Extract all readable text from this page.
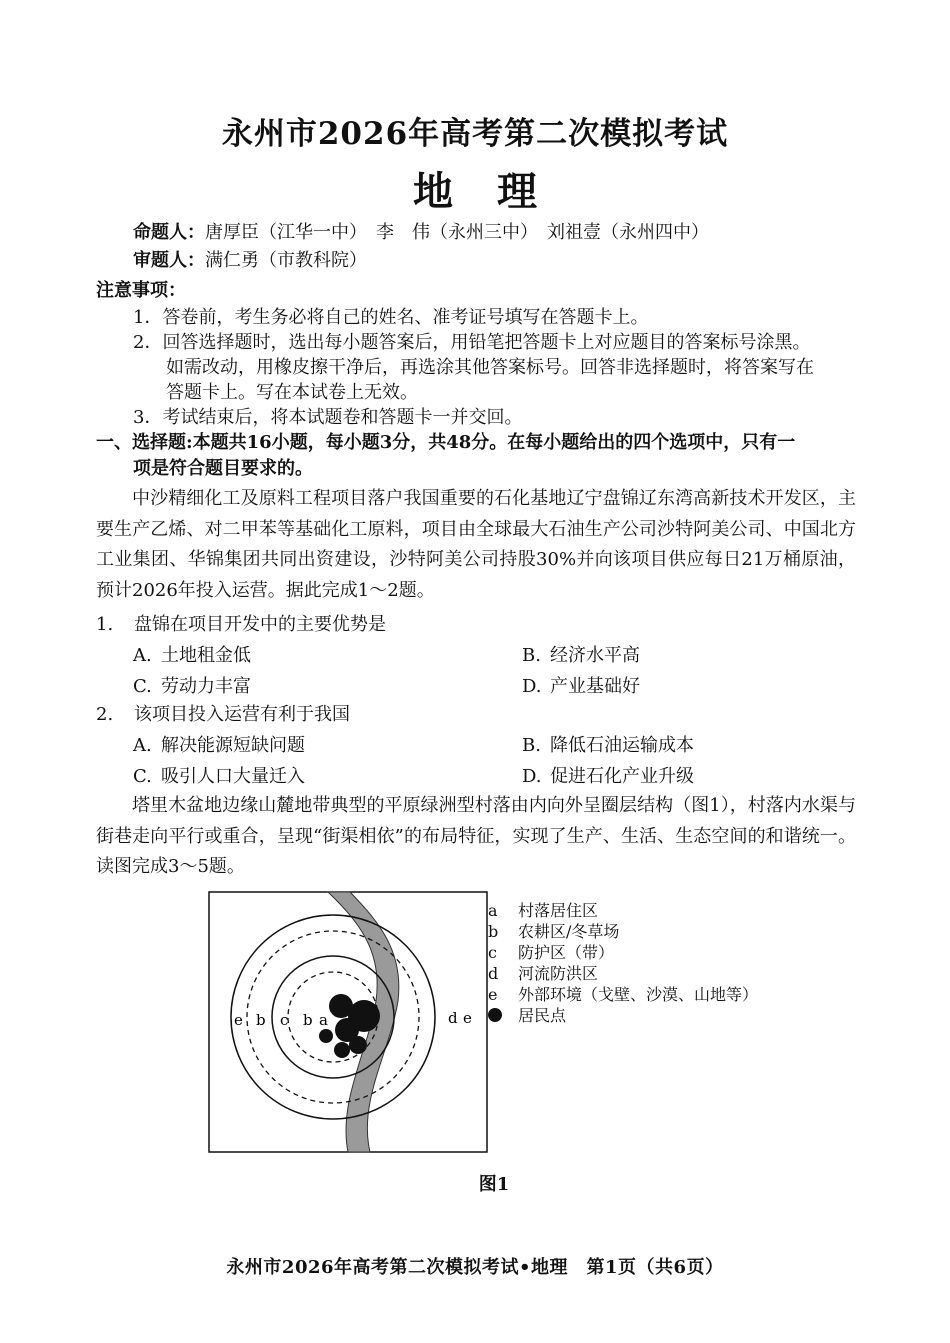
永州市2026年高考第二次模拟考试
地理
命题人：唐厚臣（江华一中）　李　伟（永州三中）　刘祖壹（永州四中）
审题人：满仁勇（市教科院）
注意事项：
1．答卷前，考生务必将自己的姓名、准考证号填写在答题卡上。
2．回答选择题时，选出每小题答案后，用铅笔把答题卡上对应题目的答案标号涂黑。
如需改动，用橡皮擦干净后，再选涂其他答案标号。回答非选择题时，将答案写在
答题卡上。写在本试卷上无效。
3．考试结束后，将本试题卷和答题卡一并交回。
一、选择题:本题共16小题，每小题3分，共48分。在每小题给出的四个选项中，只有一
项是符合题目要求的。
中沙精细化工及原料工程项目落户我国重要的石化基地辽宁盘锦辽东湾高新技术开发区，主要生产乙烯、对二甲苯等基础化工原料，项目由全球最大石油生产公司沙特阿美公司、中国北方工业集团、华锦集团共同出资建设，沙特阿美公司持股30%并向该项目供应每日21万桶原油，预计2026年投入运营。据此完成1～2题。
1. 盘锦在项目开发中的主要优势是
A. 土地租金低	B. 经济水平高
C. 劳动力丰富	D. 产业基础好
2. 该项目投入运营有利于我国
A. 解决能源短缺问题	B. 降低石油运输成本
C. 吸引人口大量迁入	D. 促进石化产业升级
塔里木盆地边缘山麓地带典型的平原绿洲型村落由内向外呈圈层结构（图1），村落内水渠与街巷走向平行或重合，呈现“街渠相依”的布局特征，实现了生产、生活、生态空间的和谐统一。读图完成3～5题。
e b c b a	d e
a 村落居住区
b 农耕区/冬草场
c 防护区（带）
d 河流防洪区
e 外部环境（戈壁、沙漠、山地等）
居民点
图1
永州市2026年高考第二次模拟考试•地理　第1页（共6页）
